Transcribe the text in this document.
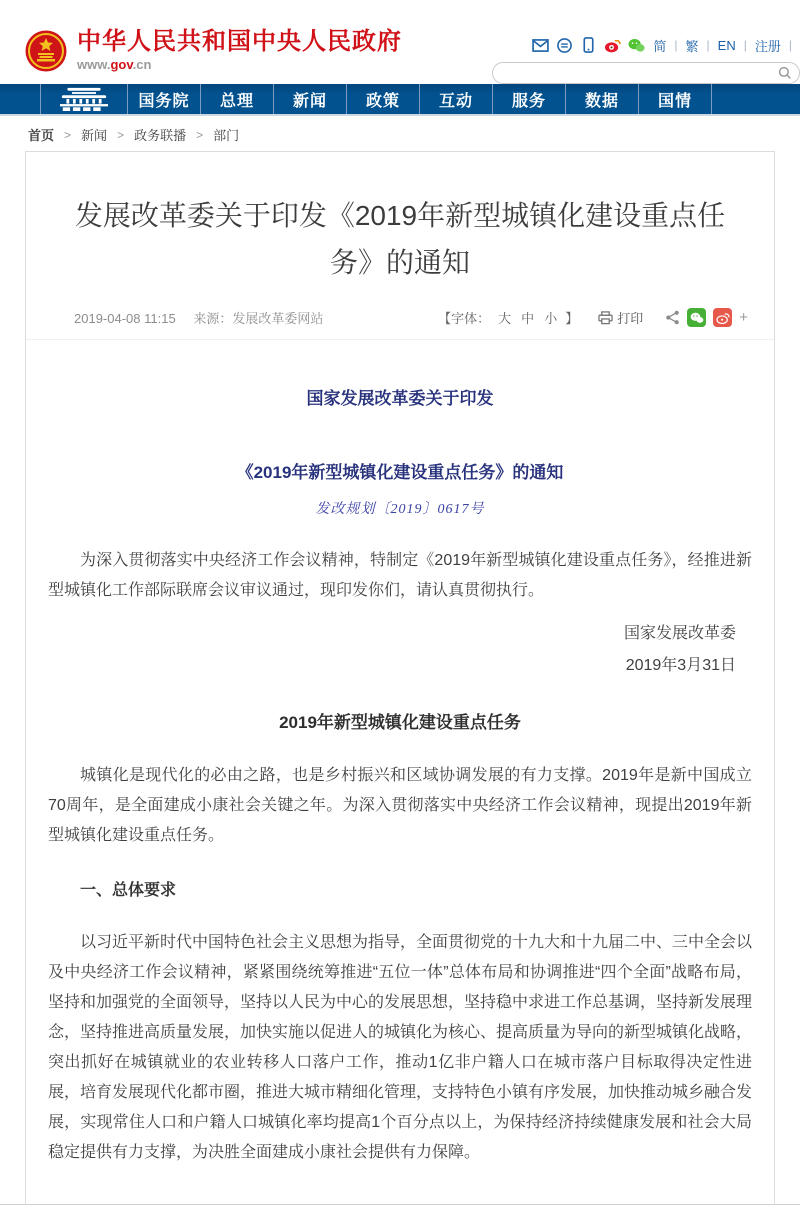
中华人民共和国中央人民政府
www.gov.cn
简 | 繁 | EN | 注册 |
国务院	总理	新闻	政策	互动	服务	数据	国情
首页 > 新闻 > 政务联播 > 部门
发展改革委关于印发《2019年新型城镇化建设重点任务》的通知
2019-04-08 11:15 来源：发展改革委网站	【字体： 大 中 小 】	打印	+
国家发展改革委关于印发
《2019年新型城镇化建设重点任务》的通知
发改规划〔2019〕0617号

为深入贯彻落实中央经济工作会议精神，特制定《2019年新型城镇化建设重点任务》，经推进新型城镇化工作部际联席会议审议通过，现印发你们，请认真贯彻执行。

国家发展改革委
2019年3月31日
2019年新型城镇化建设重点任务

城镇化是现代化的必由之路，也是乡村振兴和区域协调发展的有力支撑。2019年是新中国成立70周年，是全面建成小康社会关键之年。为深入贯彻落实中央经济工作会议精神，现提出2019年新型城镇化建设重点任务。

一、总体要求

以习近平新时代中国特色社会主义思想为指导，全面贯彻党的十九大和十九届二中、三中全会以及中央经济工作会议精神，紧紧围绕统筹推进“五位一体”总体布局和协调推进“四个全面”战略布局，坚持和加强党的全面领导，坚持以人民为中心的发展思想，坚持稳中求进工作总基调，坚持新发展理念，坚持推进高质量发展，加快实施以促进人的城镇化为核心、提高质量为导向的新型城镇化战略，突出抓好在城镇就业的农业转移人口落户工作，推动1亿非户籍人口在城市落户目标取得决定性进展，培育发展现代化都市圈，推进大城市精细化管理，支持特色小镇有序发展，加快推动城乡融合发展，实现常住人口和户籍人口城镇化率均提高1个百分点以上，为保持经济持续健康发展和社会大局稳定提供有力支撑，为决胜全面建成小康社会提供有力保障。
